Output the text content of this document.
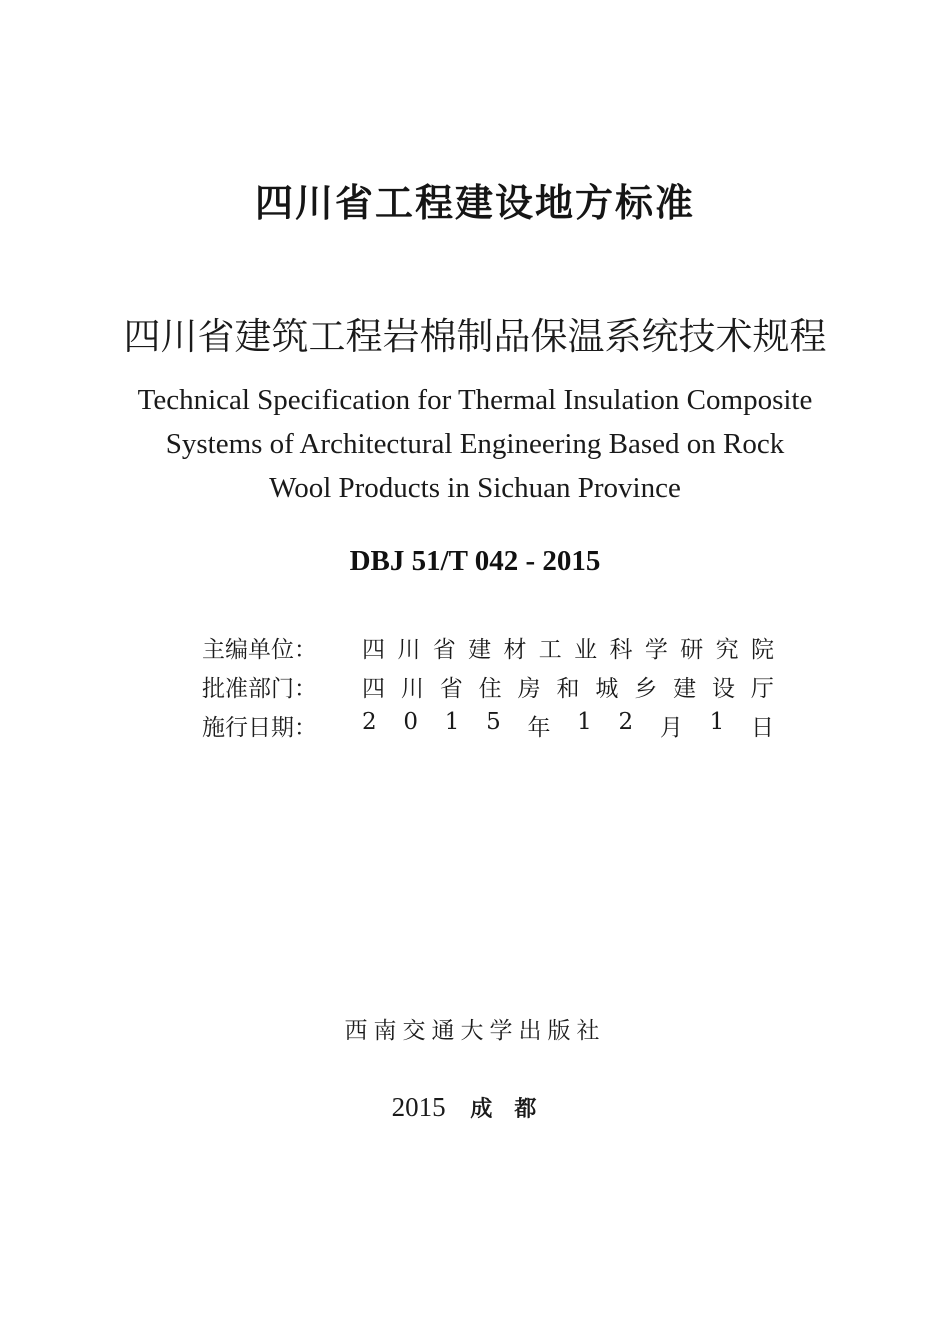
四川省工程建设地方标准
四川省建筑工程岩棉制品保温系统技术规程
Technical Specification for Thermal Insulation Composite
Systems of Architectural Engineering Based on Rock
Wool Products in Sichuan Province
DBJ 51/T 042 - 2015
主编单位：	四 川 省 建 材 工 业 科 学 研 究 院
批准部门：	四 川 省 住 房 和 城 乡 建 设 厅
施行日期：	2 0 1 5 年 1 2 月 1 日
西南交通大学出版社
2015 成都
